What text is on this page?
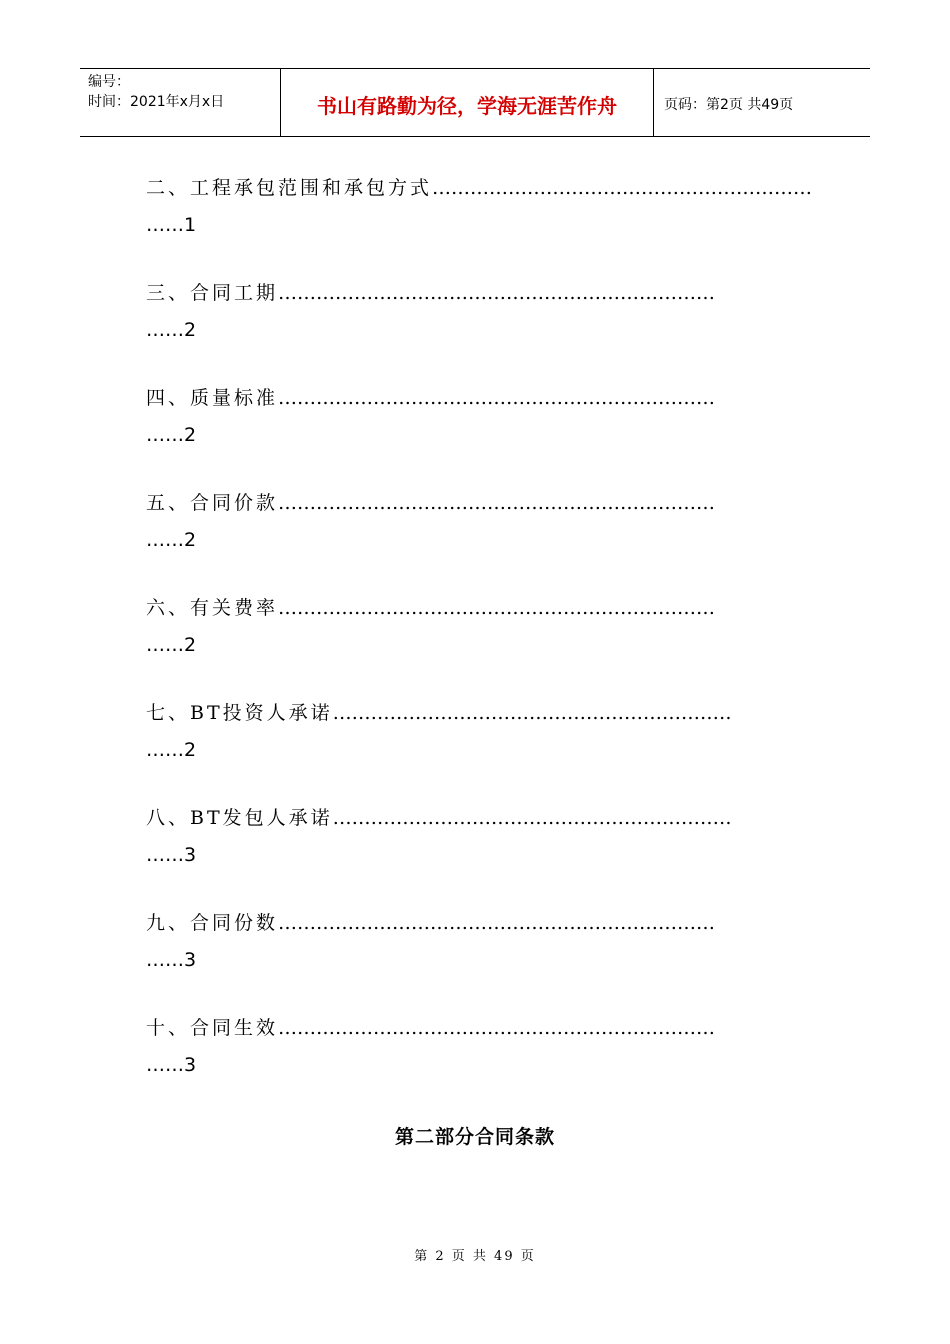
编号：
时间：2021年x月x日	书山有路勤为径，学海无涯苦作舟	页码：第2页 共49页
二、工程承包范围和承包方式……………………………………………………
……1
三、合同工期……………………………………………………………
……2
四、质量标准……………………………………………………………
……2
五、合同价款……………………………………………………………
……2
六、有关费率……………………………………………………………
……2
七、BT投资人承诺………………………………………………………
……2
八、BT发包人承诺………………………………………………………
……3
九、合同份数……………………………………………………………
……3
十、合同生效……………………………………………………………
……3
第二部分合同条款
第 2 页 共 49 页
